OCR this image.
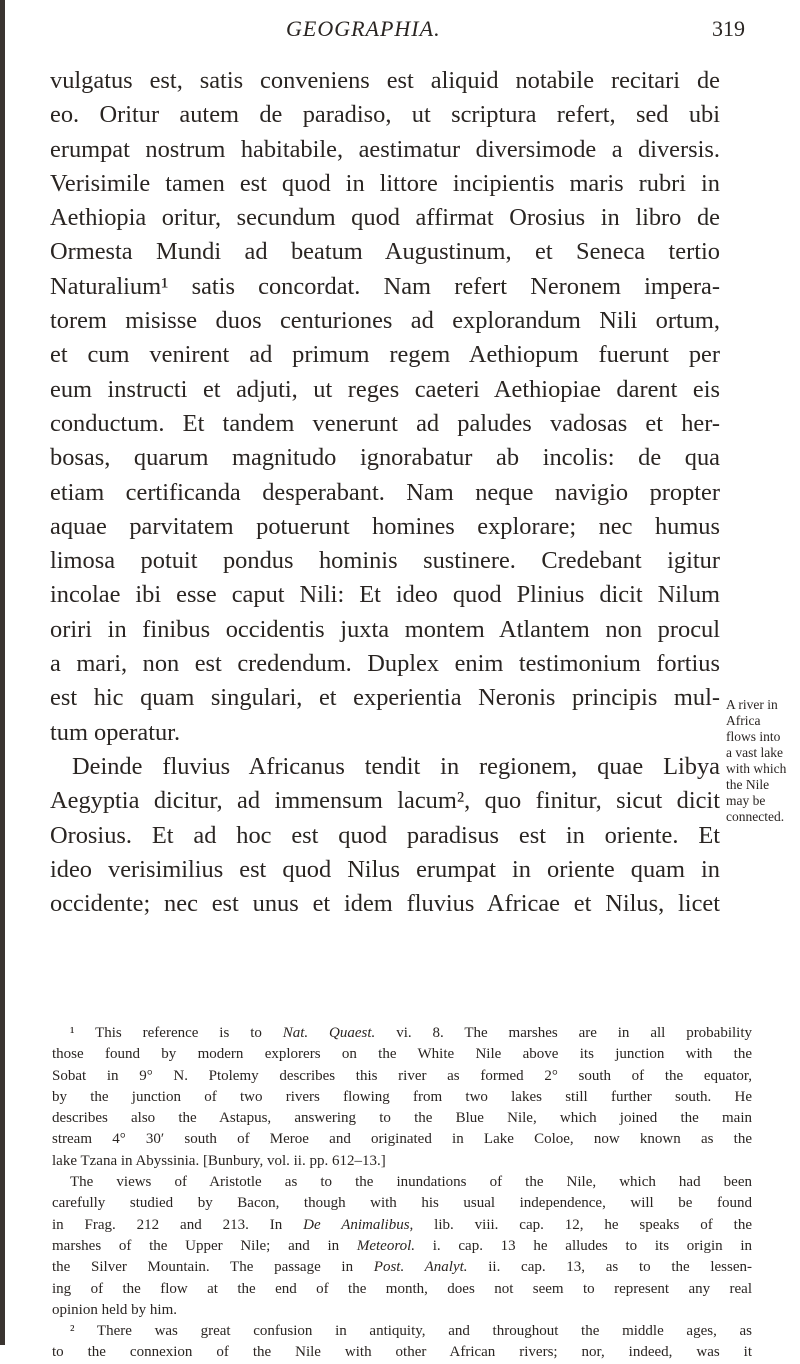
GEOGRAPHIA.	319
vulgatus est, satis conveniens est aliquid notabile recitari de
eo. Oritur autem de paradiso, ut scriptura refert, sed ubi
erumpat nostrum habitabile, aestimatur diversimode a diversis.
Verisimile tamen est quod in littore incipientis maris rubri in
Aethiopia oritur, secundum quod affirmat Orosius in libro de
Ormesta Mundi ad beatum Augustinum, et Seneca tertio
Naturalium¹ satis concordat. Nam refert Neronem impera-
torem misisse duos centuriones ad explorandum Nili ortum,
et cum venirent ad primum regem Aethiopum fuerunt per
eum instructi et adjuti, ut reges caeteri Aethiopiae darent eis
conductum. Et tandem venerunt ad paludes vadosas et her-
bosas, quarum magnitudo ignorabatur ab incolis: de qua
etiam certificanda desperabant. Nam neque navigio propter
aquae parvitatem potuerunt homines explorare; nec humus
limosa potuit pondus hominis sustinere. Credebant igitur
incolae ibi esse caput Nili: Et ideo quod Plinius dicit Nilum
oriri in finibus occidentis juxta montem Atlantem non procul
a mari, non est credendum. Duplex enim testimonium fortius
est hic quam singulari, et experientia Neronis principis mul-
tum operatur.
Deinde fluvius Africanus tendit in regionem, quae Libya
Aegyptia dicitur, ad immensum lacum², quo finitur, sicut dicit
Orosius. Et ad hoc est quod paradisus est in oriente. Et
ideo verisimilius est quod Nilus erumpat in oriente quam in
occidente; nec est unus et idem fluvius Africae et Nilus, licet
A river in
Africa
flows into
a vast lake
with which
the Nile
may be
connected.
¹ This reference is to Nat. Quaest. vi. 8. The marshes are in all probability
those found by modern explorers on the White Nile above its junction with the
Sobat in 9° N. Ptolemy describes this river as formed 2° south of the equator,
by the junction of two rivers flowing from two lakes still further south. He
describes also the Astapus, answering to the Blue Nile, which joined the main
stream 4° 30′ south of Meroe and originated in Lake Coloe, now known as the
lake Tzana in Abyssinia. [Bunbury, vol. ii. pp. 612–13.]
The views of Aristotle as to the inundations of the Nile, which had been
carefully studied by Bacon, though with his usual independence, will be found
in Frag. 212 and 213. In De Animalibus, lib. viii. cap. 12, he speaks of the
marshes of the Upper Nile; and in Meteorol. i. cap. 13 he alludes to its origin in
the Silver Mountain. The passage in Post. Analyt. ii. cap. 13, as to the lessen-
ing of the flow at the end of the month, does not seem to represent any real
opinion held by him.
² There was great confusion in antiquity, and throughout the middle ages, as
to the connexion of the Nile with other African rivers; nor, indeed, was it
